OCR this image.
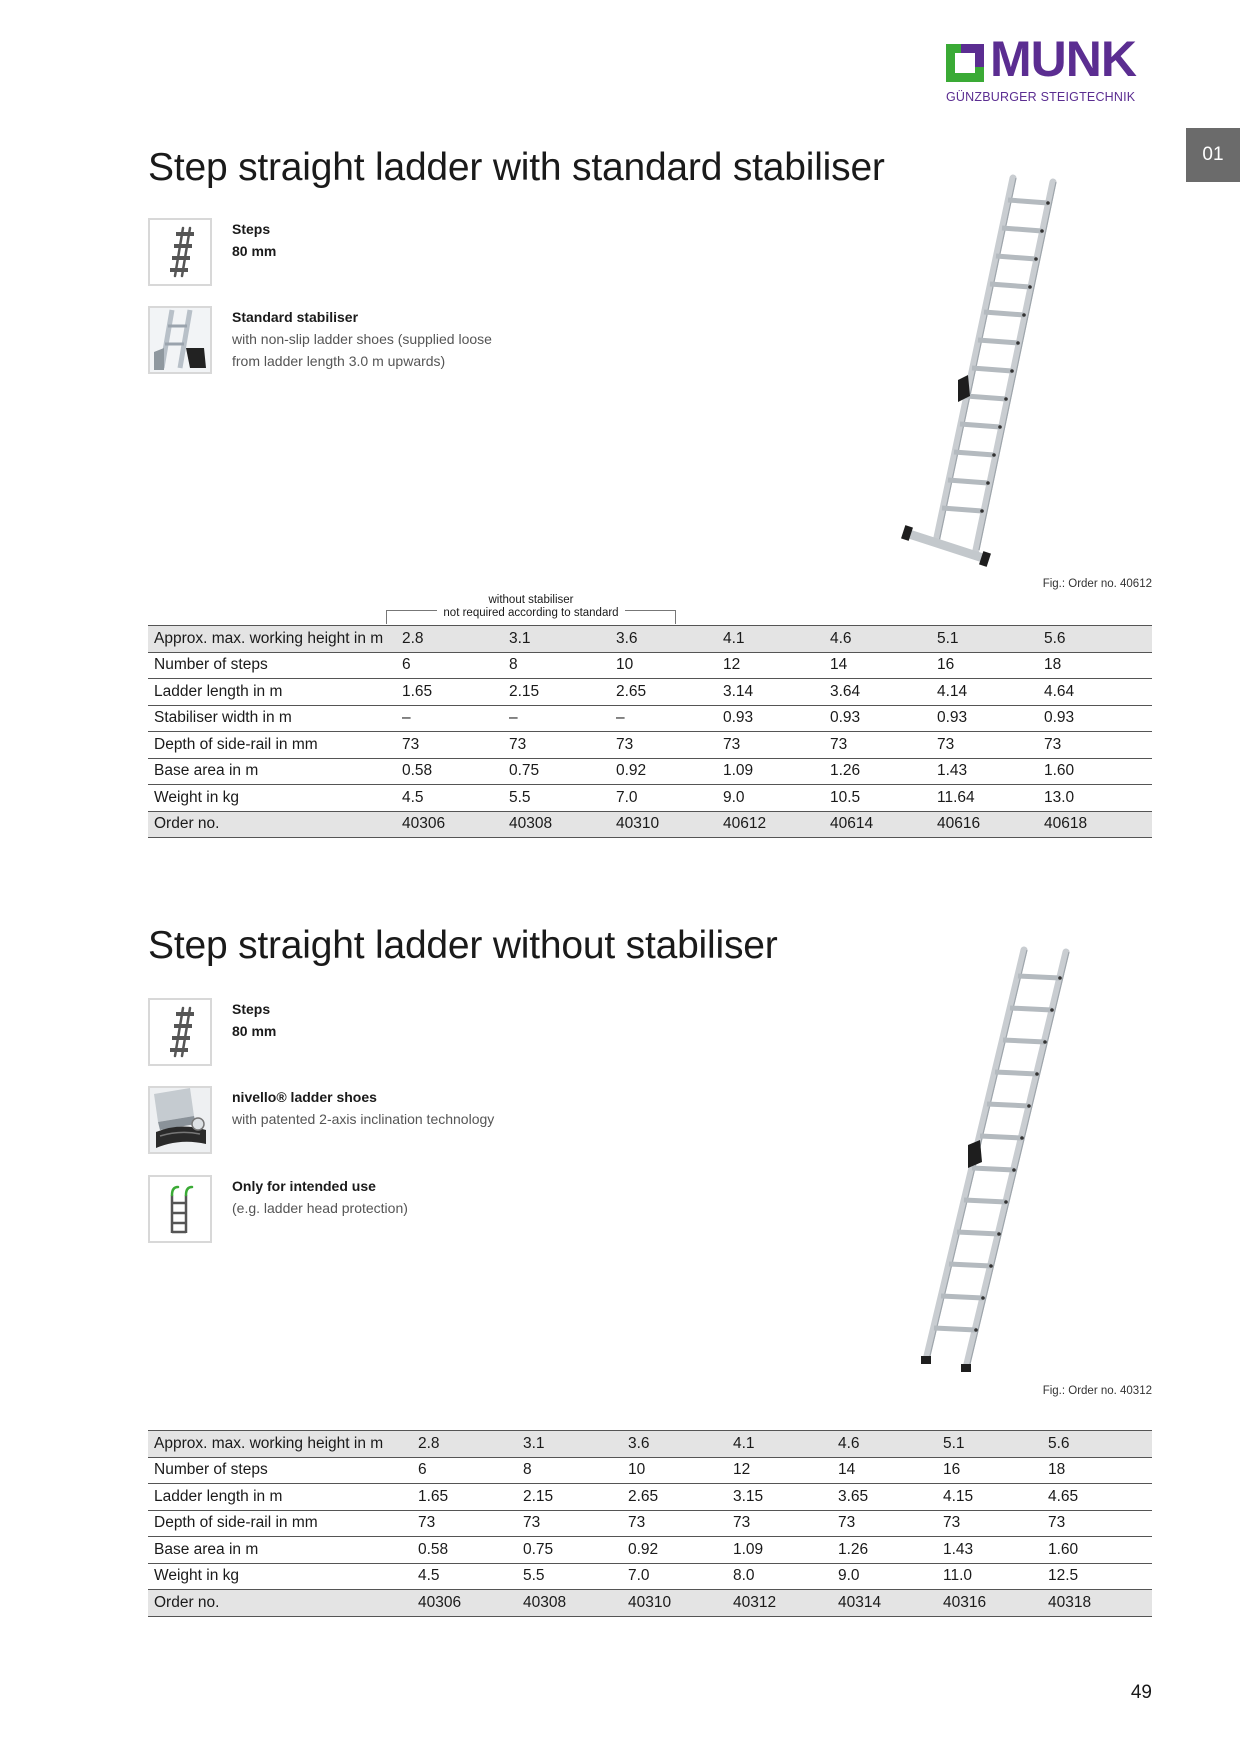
MUNK
GÜNZBURGER STEIGTECHNIK
01
Step straight ladder with standard stabiliser
Steps
80 mm
Standard stabiliser
with non-slip ladder shoes (supplied loose from ladder length 3.0 m upwards)
Fig.: Order no. 40612
without stabiliser
not required according to standard
Approx. max. working height in m	2.8	3.1	3.6	4.1	4.6	5.1	5.6
Number of steps	6	8	10	12	14	16	18
Ladder length in m	1.65	2.15	2.65	3.14	3.64	4.14	4.64
Stabiliser width in m	–	–	–	0.93	0.93	0.93	0.93
Depth of side-rail in mm	73	73	73	73	73	73	73
Base area in m	0.58	0.75	0.92	1.09	1.26	1.43	1.60
Weight in kg	4.5	5.5	7.0	9.0	10.5	11.64	13.0
Order no.	40306	40308	40310	40612	40614	40616	40618
Step straight ladder without stabiliser
Steps
80 mm
nivello® ladder shoes
with patented 2-axis inclination technology
Only for intended use
(e.g. ladder head protection)
Fig.: Order no. 40312
Approx. max. working height in m	2.8	3.1	3.6	4.1	4.6	5.1	5.6
Number of steps	6	8	10	12	14	16	18
Ladder length in m	1.65	2.15	2.65	3.15	3.65	4.15	4.65
Depth of side-rail in mm	73	73	73	73	73	73	73
Base area in m	0.58	0.75	0.92	1.09	1.26	1.43	1.60
Weight in kg	4.5	5.5	7.0	8.0	9.0	11.0	12.5
Order no.	40306	40308	40310	40312	40314	40316	40318
49
